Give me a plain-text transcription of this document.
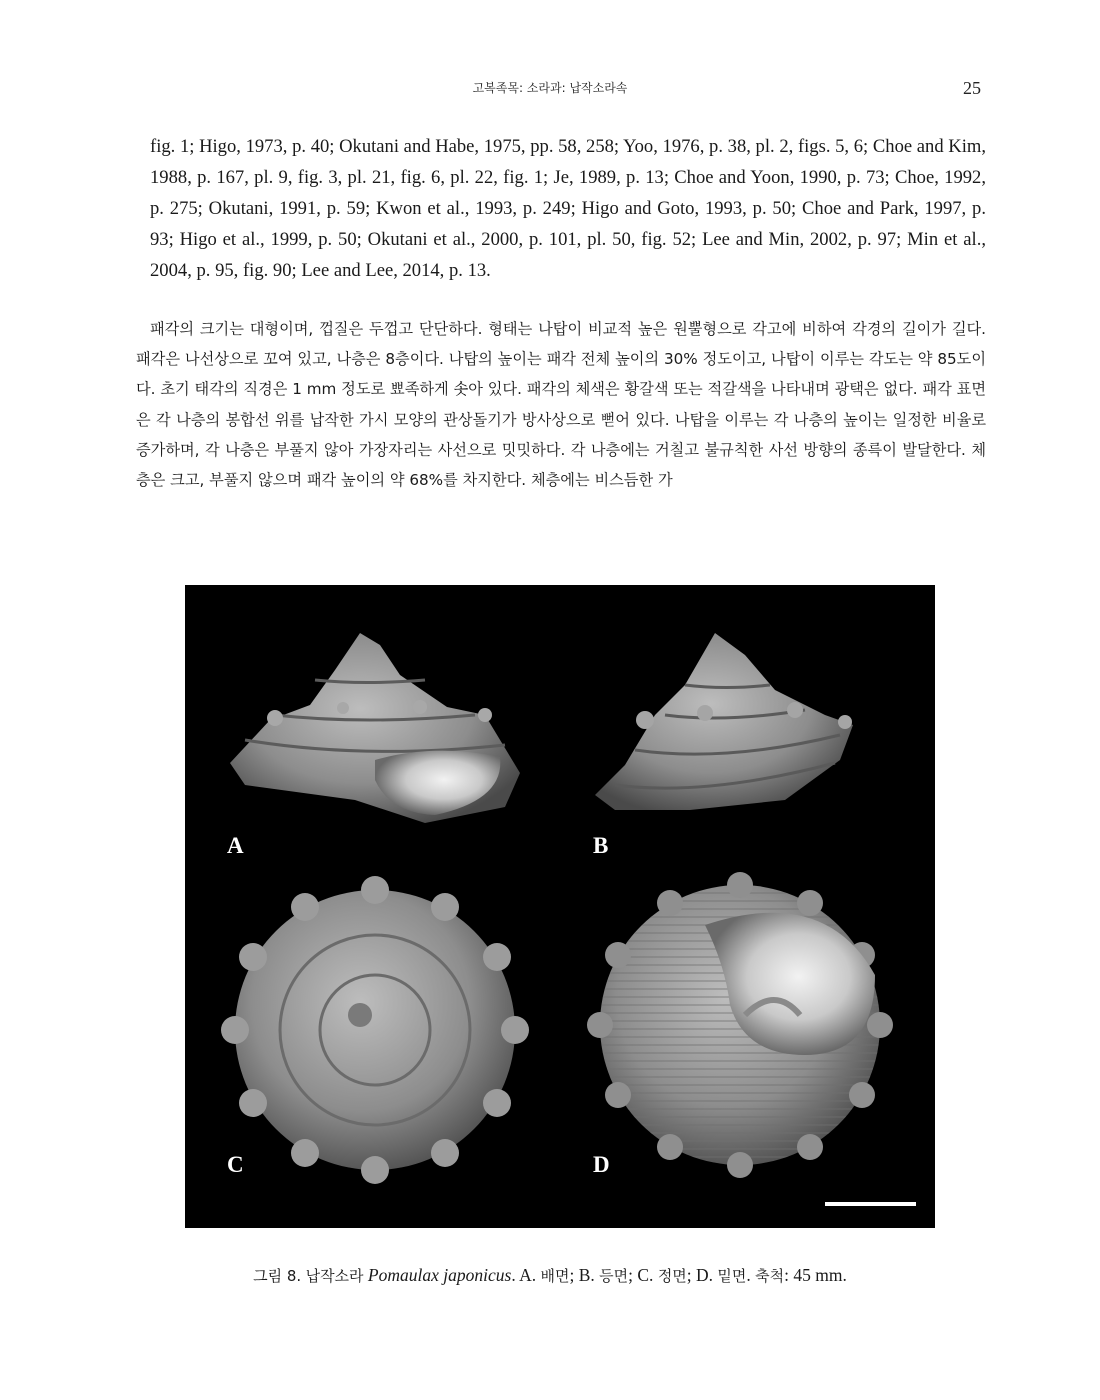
고복족목: 소라과: 납작소라속	25
fig. 1; Higo, 1973, p. 40; Okutani and Habe, 1975, pp. 58, 258; Yoo, 1976, p. 38, pl. 2, figs. 5, 6; Choe and Kim, 1988, p. 167, pl. 9, fig. 3, pl. 21, fig. 6, pl. 22, fig. 1; Je, 1989, p. 13; Choe and Yoon, 1990, p. 73; Choe, 1992, p. 275; Okutani, 1991, p. 59; Kwon et al., 1993, p. 249; Higo and Goto, 1993, p. 50; Choe and Park, 1997, p. 93; Higo et al., 1999, p. 50; Okutani et al., 2000, p. 101, pl. 50, fig. 52; Lee and Min, 2002, p. 97; Min et al., 2004, p. 95, fig. 90; Lee and Lee, 2014, p. 13.
패각의 크기는 대형이며, 껍질은 두껍고 단단하다. 형태는 나탑이 비교적 높은 원뿔형으로 각고에 비하여 각경의 길이가 길다. 패각은 나선상으로 꼬여 있고, 나층은 8층이다. 나탑의 높이는 패각 전체 높이의 30% 정도이고, 나탑이 이루는 각도는 약 85도이다. 초기 태각의 직경은 1 mm 정도로 뾰족하게 솟아 있다. 패각의 체색은 황갈색 또는 적갈색을 나타내며 광택은 없다. 패각 표면은 각 나층의 봉합선 위를 납작한 가시 모양의 관상돌기가 방사상으로 뻗어 있다. 나탑을 이루는 각 나층의 높이는 일정한 비율로 증가하며, 각 나층은 부풀지 않아 가장자리는 사선으로 밋밋하다. 각 나층에는 거칠고 불규칙한 사선 방향의 종륵이 발달한다. 체층은 크고, 부풀지 않으며 패각 높이의 약 68%를 차지한다. 체층에는 비스듬한 가
A	B
C	D
그림 8. 납작소라 Pomaulax japonicus. A. 배면; B. 등면; C. 정면; D. 밑면. 축척: 45 mm.
